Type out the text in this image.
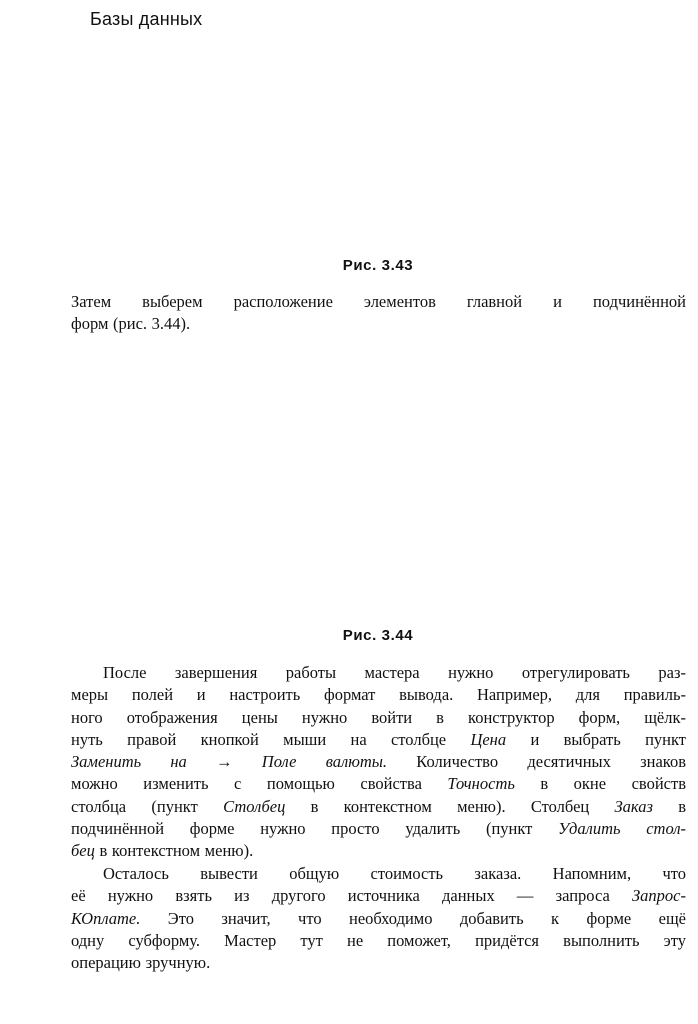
Базы данных
Рис. 3.43
Затем выберем расположение элементов главной и подчинённой
форм (рис. 3.44).
Рис. 3.44
После завершения работы мастера нужно отрегулировать раз-
меры полей и настроить формат вывода. Например, для правиль-
ного отображения цены нужно войти в конструктор форм, щёлк-
нуть правой кнопкой мыши на столбце Цена и выбрать пункт
Заменить на → Поле валюты. Количество десятичных знаков
можно изменить с помощью свойства Точность в окне свойств
столбца (пункт Столбец в контекстном меню). Столбец Заказ в
подчинённой форме нужно просто удалить (пункт Удалить стол-
бец в контекстном меню).
Осталось вывести общую стоимость заказа. Напомним, что
её нужно взять из другого источника данных — запроса Запрос-
КОплате. Это значит, что необходимо добавить к форме ещё
одну субформу. Мастер тут не поможет, придётся выполнить эту
операцию зручную.
